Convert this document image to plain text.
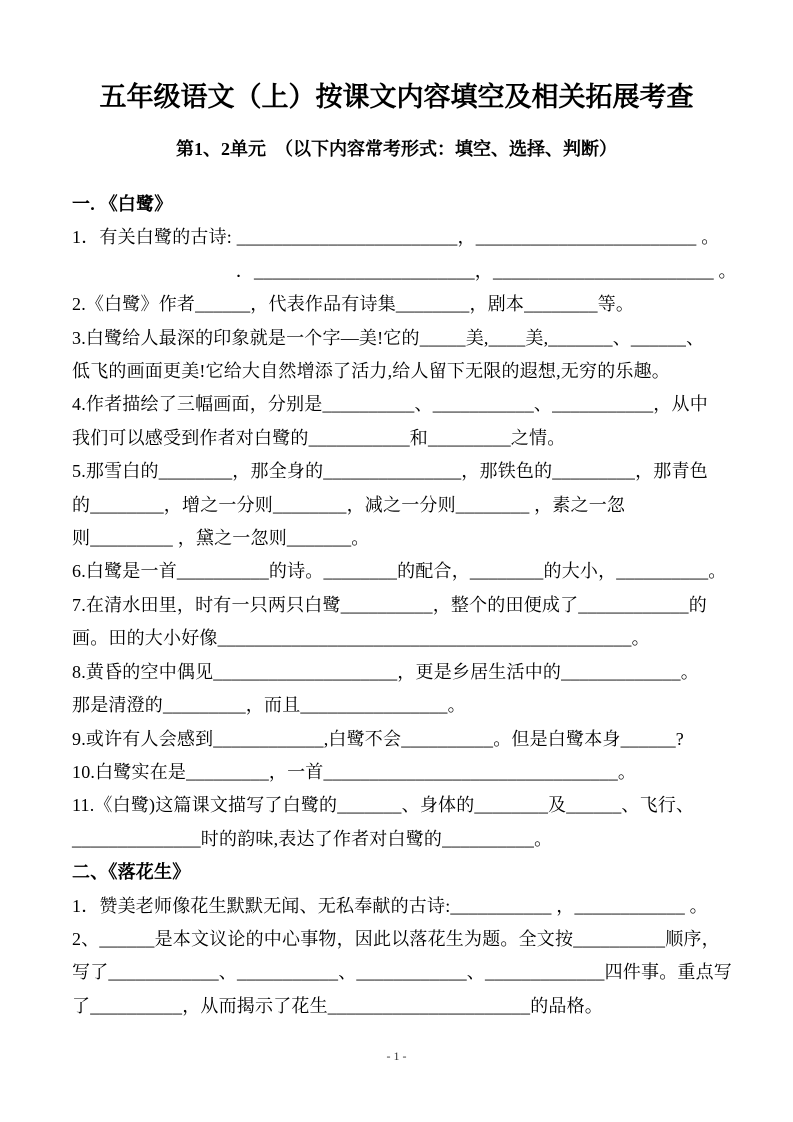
五年级语文（上）按课文内容填空及相关拓展考查
第1、2单元　（以下内容常考形式：填空、选择、判断）
一. 《白鹭》
1．有关白鹭的古诗: ________________________，________________________ 。
　　　　　　　　　．________________________，________________________ 。
2.《白鹭》作者______，代表作品有诗集________，剧本________等。
3.白鹭给人最深的印象就是一个字—美!它的_____美,____美,_______、______、
低飞的画面更美!它给大自然增添了活力,给人留下无限的遐想,无穷的乐趣。
4.作者描绘了三幅画面，分别是__________、___________、___________，从中
我们可以感受到作者对白鹭的___________和_________之情。
5.那雪白的________，那全身的_______________，那铁色的_________，那青色
的________，增之一分则________，减之一分则________ ，素之一忽
则_________ ，黛之一忽则_______。
6.白鹭是一首__________的诗。________的配合，________的大小，__________。
7.在清水田里，时有一只两只白鹭__________，整个的田便成了____________的
画。田的大小好像_____________________________________________。
8.黄昏的空中偶见____________________，更是乡居生活中的_____________。
那是清澄的_________，而且________________。
9.或许有人会感到____________,白鹭不会__________。但是白鹭本身______?
10.白鹭实在是_________，一首________________________________。
11.《白鹭)这篇课文描写了白鹭的_______、身体的________及______、飞行、
______________时的韵味,表达了作者对白鹭的__________。
二、《落花生》
1．赞美老师像花生默默无闻、无私奉献的古诗:___________ ，____________ 。
2、______是本文议论的中心事物，因此以落花生为题。全文按__________顺序，
写了____________、___________、____________、_____________四件事。重点写
了__________，从而揭示了花生______________________的品格。
- 1 -
